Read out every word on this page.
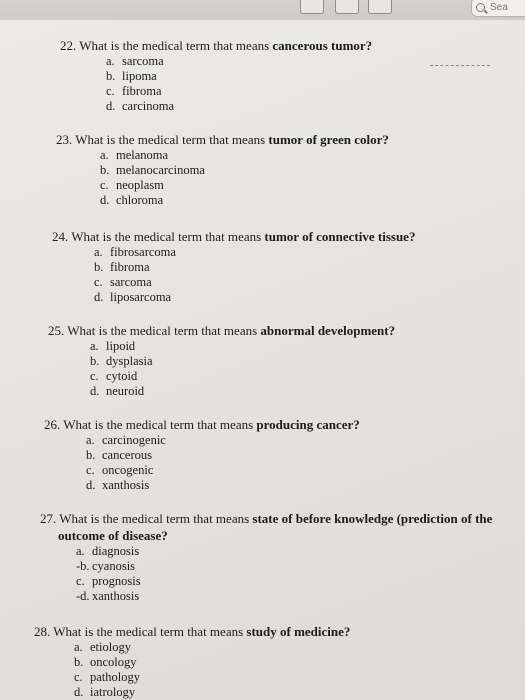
Sea
22. What is the medical term that means cancerous tumor?
a. sarcoma
b. lipoma
c. fibroma
d. carcinoma
23. What is the medical term that means tumor of green color?
a. melanoma
b. melanocarcinoma
c. neoplasm
d. chloroma
24. What is the medical term that means tumor of connective tissue?
a. fibrosarcoma
b. fibroma
c. sarcoma
d. liposarcoma
25. What is the medical term that means abnormal development?
a. lipoid
b. dysplasia
c. cytoid
d. neuroid
26. What is the medical term that means producing cancer?
a. carcinogenic
b. cancerous
c. oncogenic
d. xanthosis
27. What is the medical term that means state of before knowledge (prediction of the
outcome of disease?
a. diagnosis
-b. cyanosis
c. prognosis
-d. xanthosis
28. What is the medical term that means study of medicine?
a. etiology
b. oncology
c. pathology
d. iatrology
